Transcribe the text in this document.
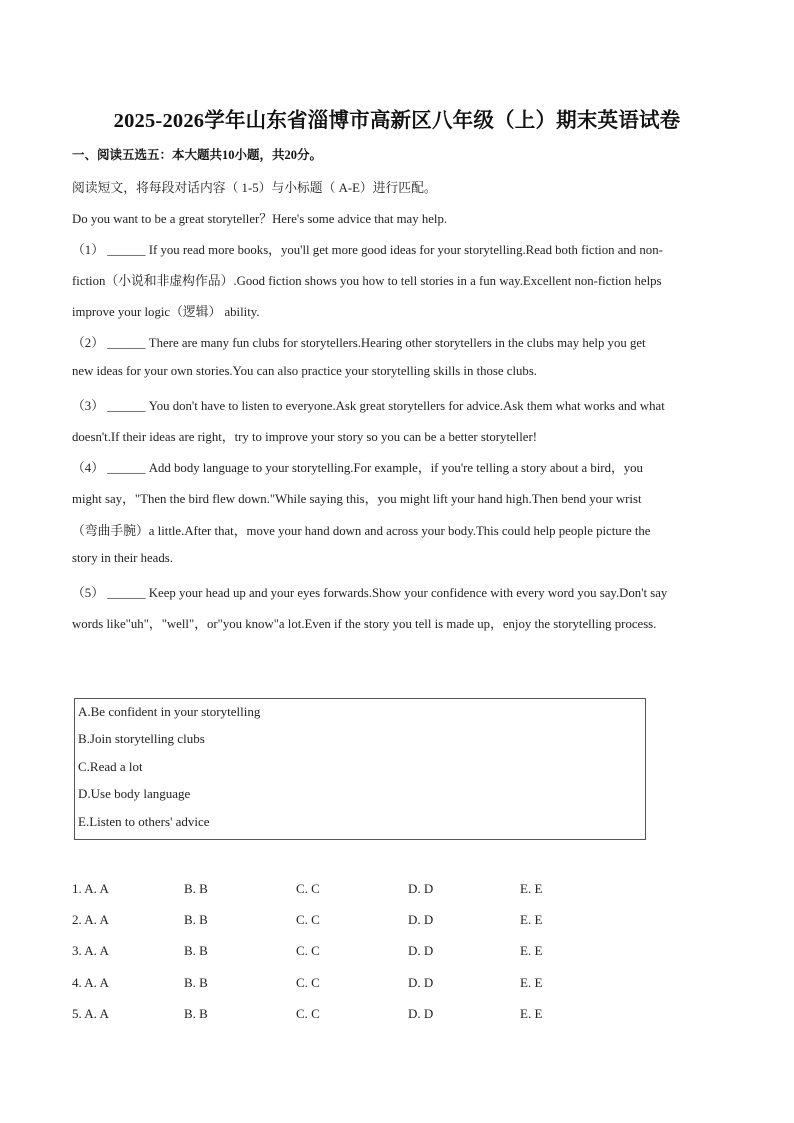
2025-2026学年山东省淄博市高新区八年级（上）期末英语试卷
一、阅读五选五：本大题共10小题，共20分。
阅读短文，将每段对话内容（ 1-5）与小标题（ A-E）进行匹配。
Do you want to be a great storyteller？Here's some advice that may help.
（1） ______ If you read more books，you'll get more good ideas for your storytelling.Read both fiction and non-
fiction（小说和非虚构作品）.Good fiction shows you how to tell stories in a fun way.Excellent non-fiction helps
improve your logic（逻辑） ability.
（2） ______ There are many fun clubs for storytellers.Hearing other storytellers in the clubs may help you get
new ideas for your own stories.You can also practice your storytelling skills in those clubs.
（3） ______ You don't have to listen to everyone.Ask great storytellers for advice.Ask them what works and what
doesn't.If their ideas are right，try to improve your story so you can be a better storyteller!
（4） ______ Add body language to your storytelling.For example，if you're telling a story about a bird，you
might say，"Then the bird flew down."While saying this，you might lift your hand high.Then bend your wrist
（弯曲手腕）a little.After that，move your hand down and across your body.This could help people picture the
story in their heads.
（5） ______ Keep your head up and your eyes forwards.Show your confidence with every word you say.Don't say
words like"uh"，"well"，or"you know"a lot.Even if the story you tell is made up，enjoy the storytelling process.
A.Be confident in your storytelling
B.Join storytelling clubs
C.Read a lot
D.Use body language
E.Listen to others' advice
1. A. A	B. B	C. C	D. D	E. E
2. A. A	B. B	C. C	D. D	E. E
3. A. A	B. B	C. C	D. D	E. E
4. A. A	B. B	C. C	D. D	E. E
5. A. A	B. B	C. C	D. D	E. E
